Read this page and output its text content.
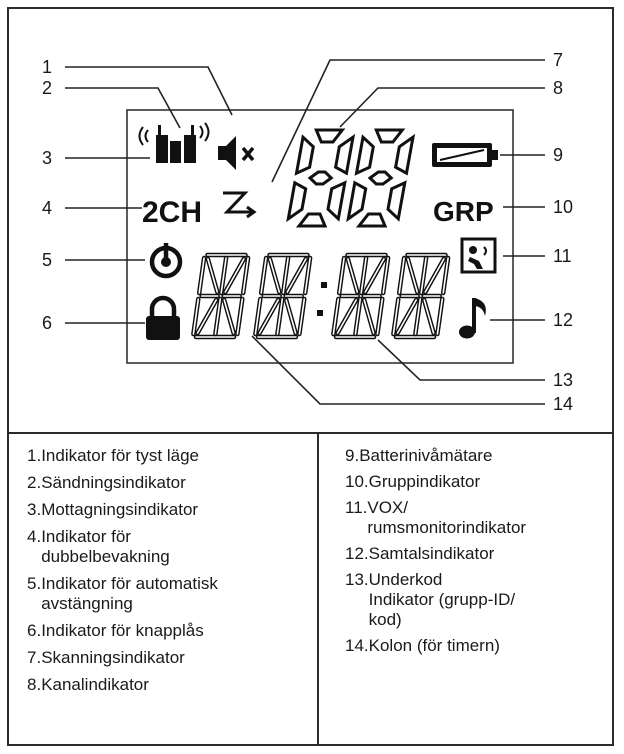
1
2
3
4
5
6
7
8
9
10
11
12
13
14
2CH	GRP
1. Indikator för tyst läge
2. Sändningsindikator
3. Mottagningsindikator
4. Indikator för
dubbelbevakning
5. Indikator för automatisk
avstängning
6. Indikator för knapplås
7. Skanningsindikator
8. Kanalindikator
9. Batterinivåmätare
10. Gruppindikator
11. VOX/
rumsmonitorindikator
12. Samtalsindikator
13. Underkod
Indikator (grupp-ID/
kod)
14. Kolon (för timern)
